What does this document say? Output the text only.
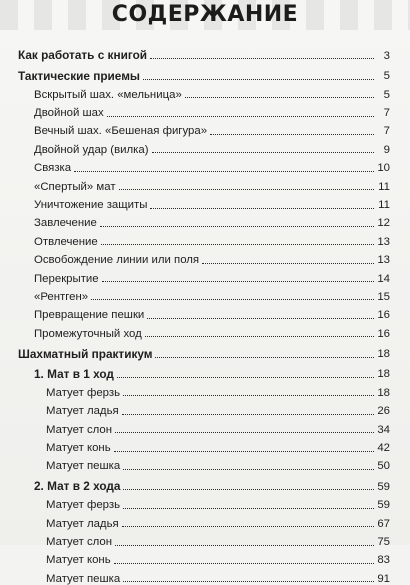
СОДЕРЖАНИЕ
Как работать с книгой	3
Тактические приемы	5
Вскрытый шах. «мельница»	5
Двойной шах	7
Вечный шах. «Бешеная фигура»	7
Двойной удар (вилка)	9
Связка	10
«Спертый» мат	11
Уничтожение защиты	11
Завлечение	12
Отвлечение	13
Освобождение линии или поля	13
Перекрытие	14
«Рентген»	15
Превращение пешки	16
Промежуточный ход	16
Шахматный практикум	18
1. Мат в 1 ход	18
Матует ферзь	18
Матует ладья	26
Матует слон	34
Матует конь	42
Матует пешка	50
2. Мат в 2 хода	59
Матует ферзь	59
Матует ладья	67
Матует слон	75
Матует конь	83
Матует пешка	91
